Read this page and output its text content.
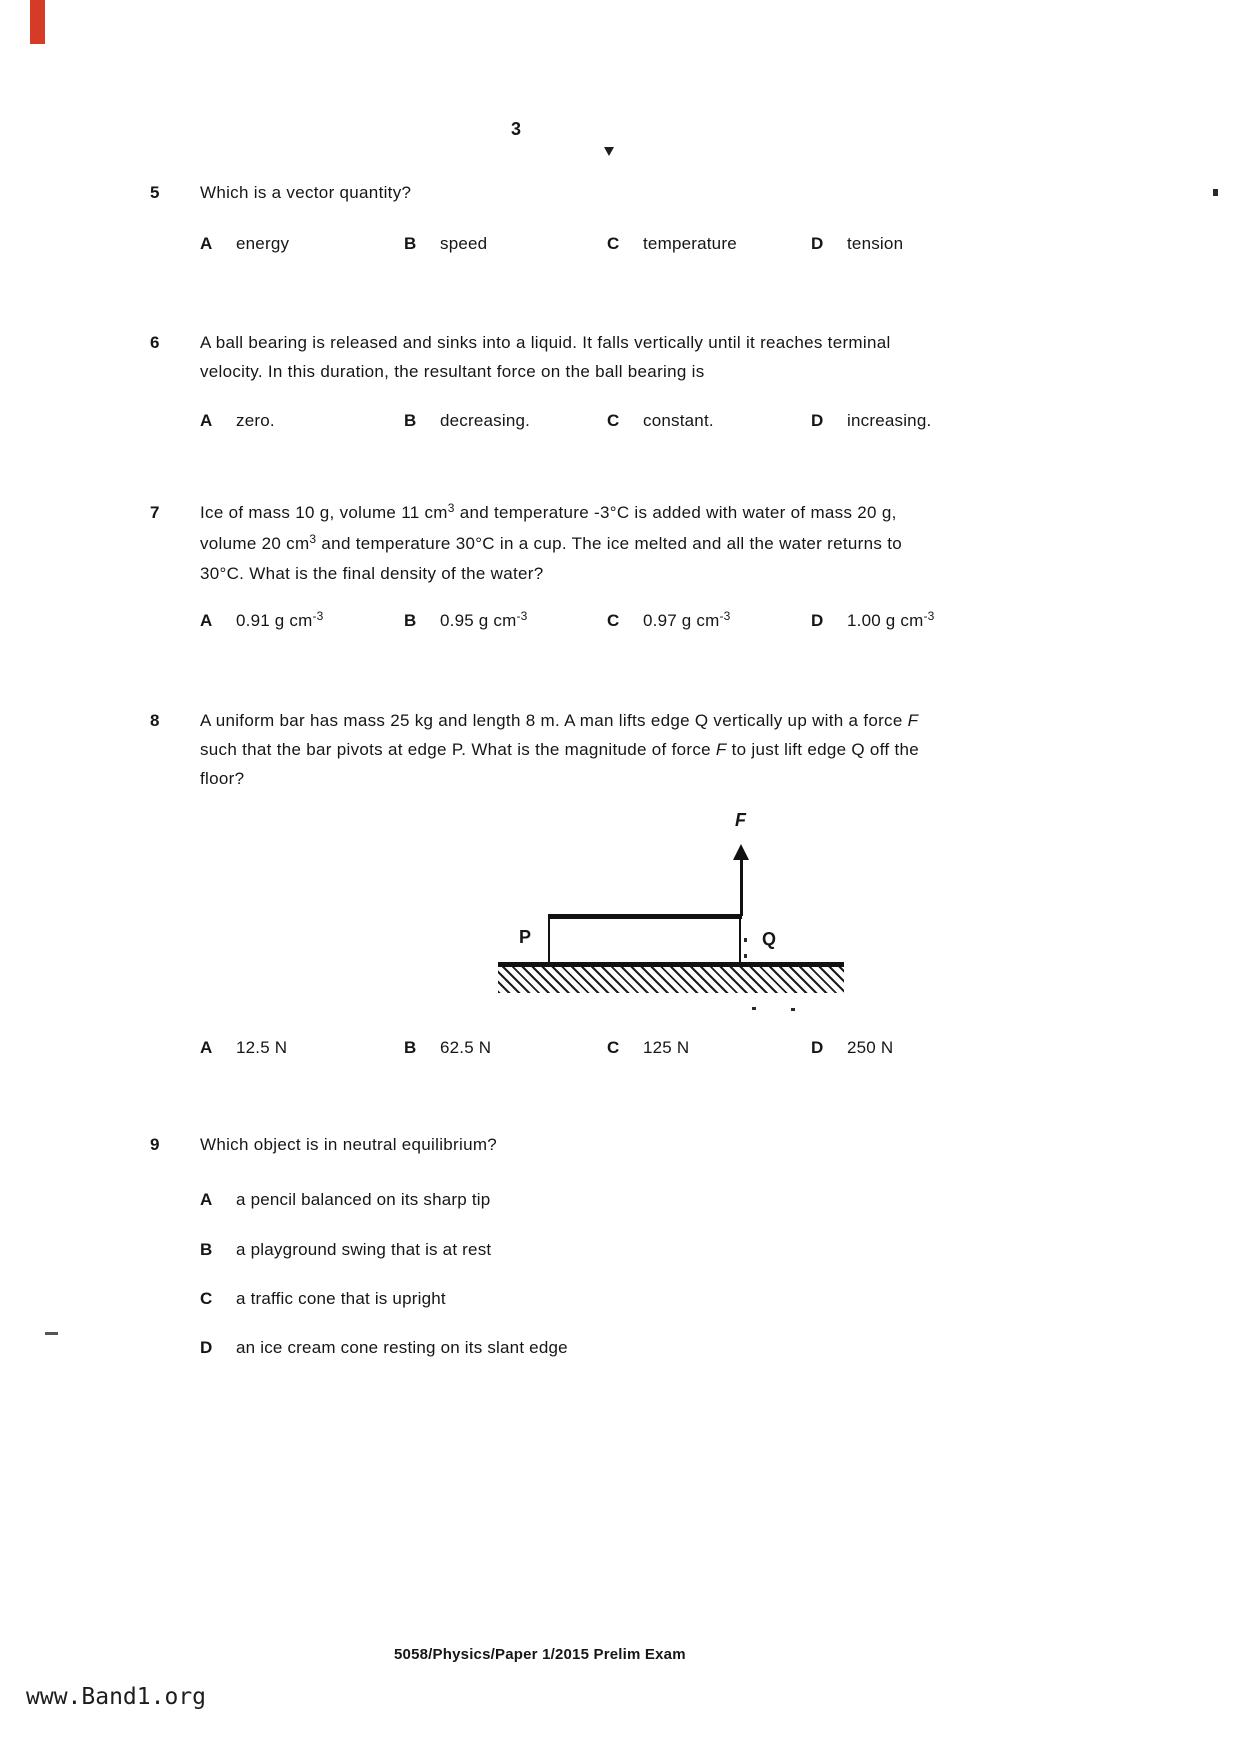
3
5 Which is a vector quantity?
A energy	B speed	C temperature	D tension
6 A ball bearing is released and sinks into a liquid. It falls vertically until it reaches terminal
velocity. In this duration, the resultant force on the ball bearing is
A zero.	B decreasing.	C constant.	D increasing.
7 Ice of mass 10 g, volume 11 $cm^3$ and temperature -3°C is added with water of mass 20 g,
volume 20 $cm^3$ and temperature 30°C in a cup. The ice melted and all the water returns to
30°C. What is the final density of the water?
A 0.91 g $cm^{-3}$	B 0.95 g $cm^{-3}$	C 0.97 g $cm^{-3}$	D 1.00 g $cm^{-3}$
8 A uniform bar has mass 25 kg and length 8 m. A man lifts edge Q vertically up with a force F
such that the bar pivots at edge P. What is the magnitude of force F to just lift edge Q off the
floor?
F
P	Q
A 12.5 N	B 62.5 N	C 125 N	D 250 N
9 Which object is in neutral equilibrium?
A a pencil balanced on its sharp tip
B a playground swing that is at rest
C a traffic cone that is upright
D an ice cream cone resting on its slant edge
5058/Physics/Paper 1/2015 Prelim Exam
www.Band1.org
